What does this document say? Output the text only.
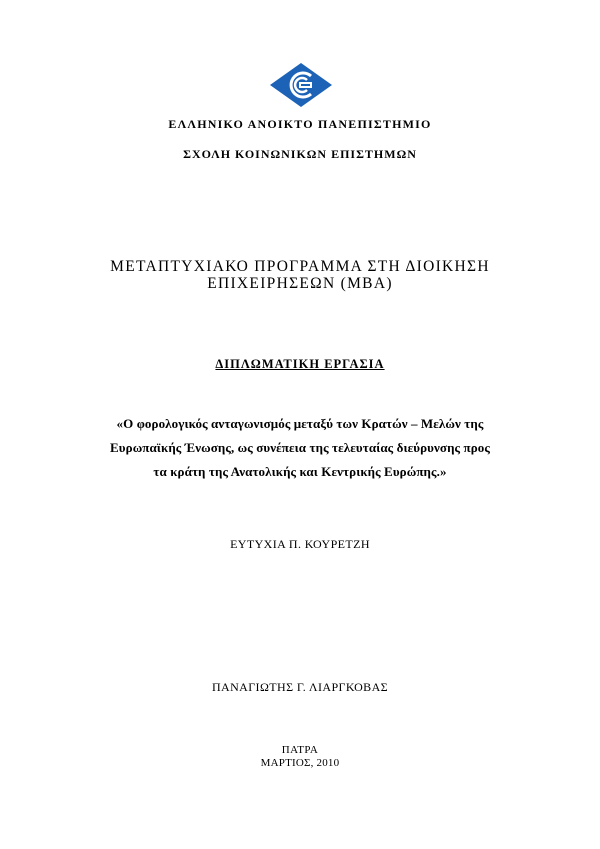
ΕΛΛΗΝΙΚΟ ΑΝΟΙΚΤΟ ΠΑΝΕΠΙΣΤΗΜΙΟ
ΣΧΟΛΗ ΚΟΙΝΩΝΙΚΩΝ ΕΠΙΣΤΗΜΩΝ
ΜΕΤΑΠΤΥΧΙΑΚΟ ΠΡΟΓΡΑΜΜΑ ΣΤΗ ΔΙΟΙΚΗΣΗ
ΕΠΙΧΕΙΡΗΣΕΩΝ (ΜΒΑ)
ΔΙΠΛΩΜΑΤΙΚΗ ΕΡΓΑΣΙΑ
«Ο φορολογικός ανταγωνισμός μεταξύ των Κρατών – Μελών της
Ευρωπαϊκής Ένωσης, ως συνέπεια της τελευταίας διεύρυνσης προς
τα κράτη της Ανατολικής και Κεντρικής Ευρώπης.»
ΕΥΤΥΧΙΑ Π. ΚΟΥΡΕΤΖΗ
ΠΑΝΑΓΙΩΤΗΣ Γ. ΛΙΑΡΓΚΟΒΑΣ
ΠΑΤΡΑ
ΜΑΡΤΙΟΣ, 2010
